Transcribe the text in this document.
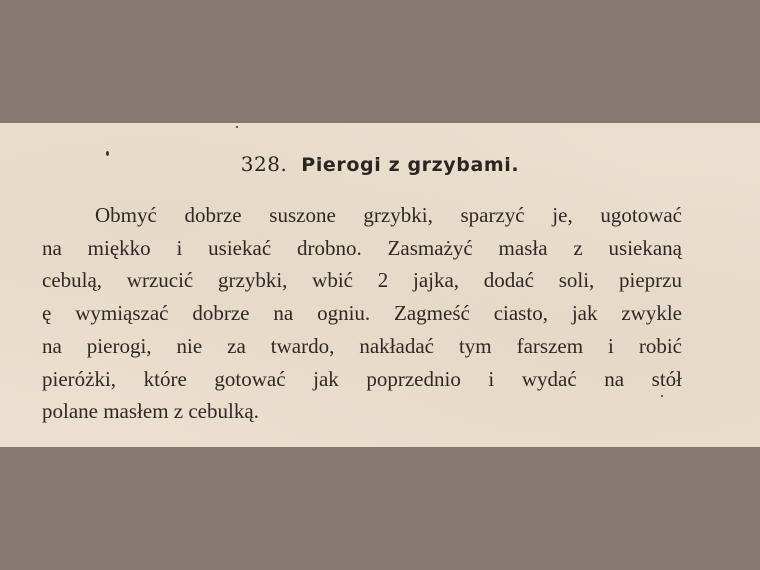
328. Pierogi z grzybami.
Obmyć dobrze suszone grzybki, sparzyć je, ugotować
na miękko i usiekać drobno. Zasmażyć masła z usiekaną
cebulą, wrzucić grzybki, wbić 2 jajka, dodać soli, pieprzu
ę wymiąszać dobrze na ogniu. Zagmeść ciasto, jak zwykle
na pierogi, nie za twardo, nakładać tym farszem i robić
pieróżki, które gotować jak poprzednio i wydać na stół
polane masłem z cebulką.
